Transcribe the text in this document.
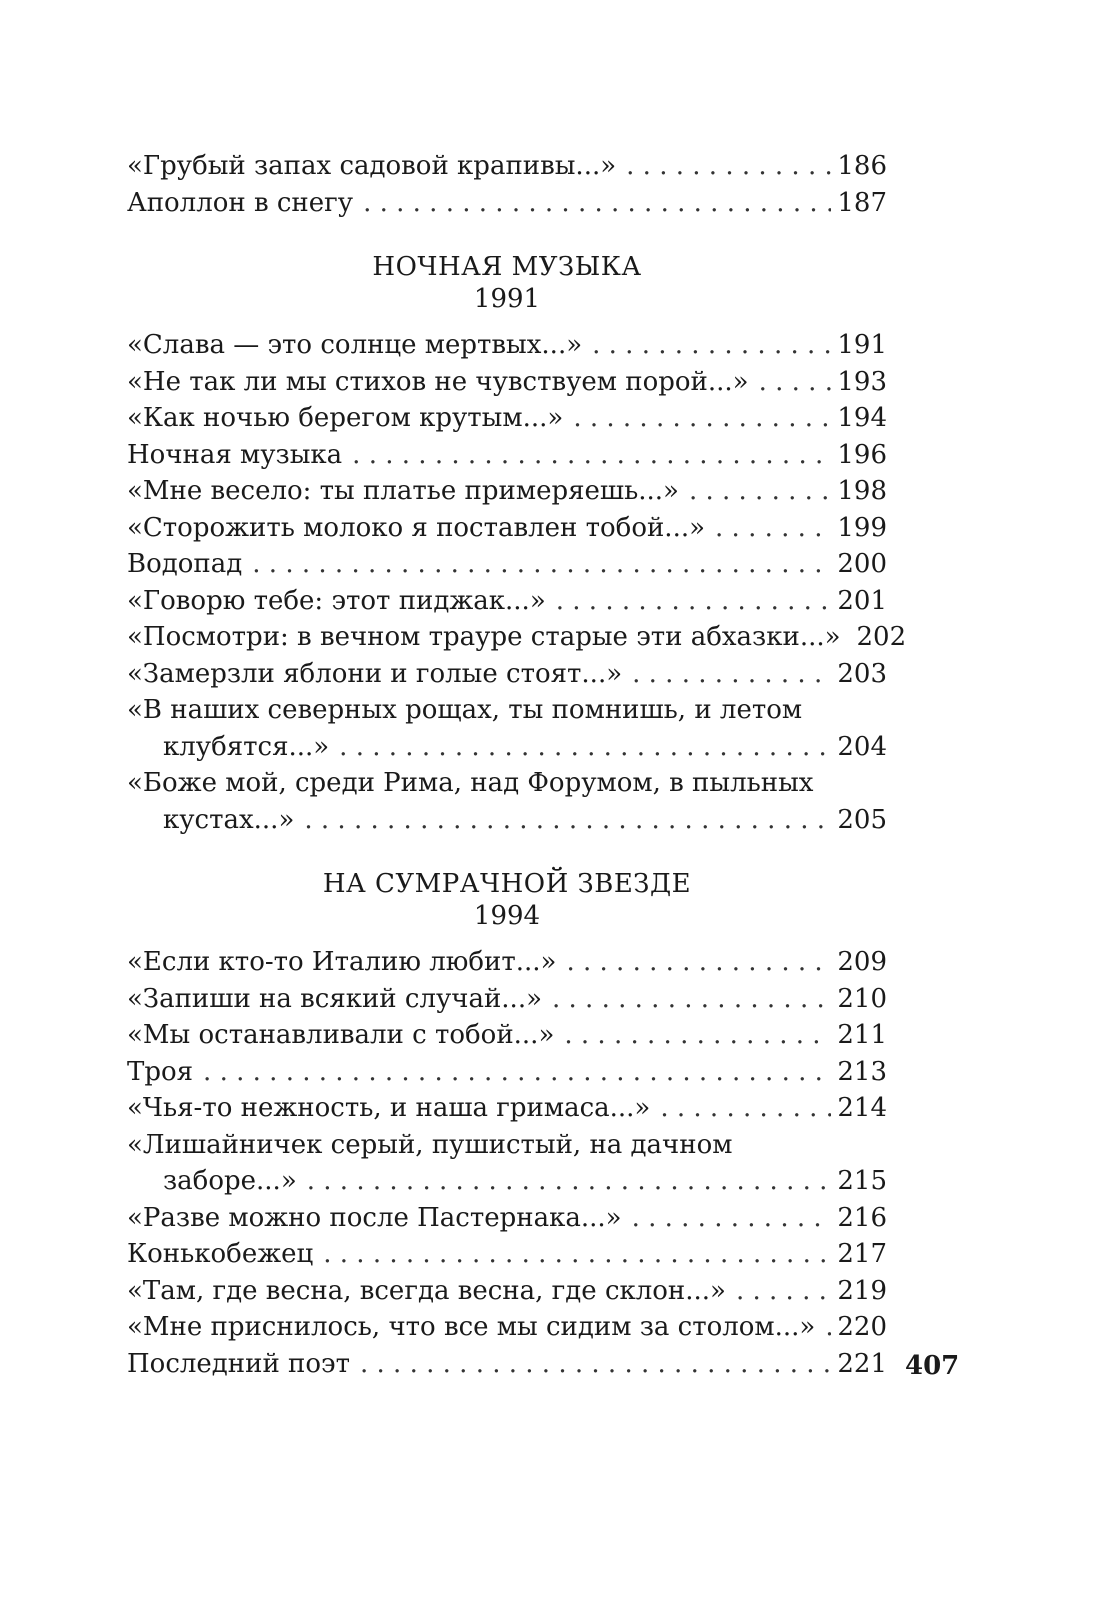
«Грубый запах садовой крапивы...» . . .	186
Аполлон в снегу . . .	187
НОЧНАЯ МУЗЫКА
1991
«Слава — это солнце мертвых...» . . .	191
«Не так ли мы стихов не чувствуем порой...» . . .	193
«Как ночью берегом крутым...» . . .	194
Ночная музыка . . .	196
«Мне весело: ты платье примеряешь...» . . .	198
«Сторожить молоко я поставлен тобой...» . . .	199
Водопад . . .	200
«Говорю тебе: этот пиджак...» . . .	201
«Посмотри: в вечном трауре старые эти абхазки...» 202
«Замерзли яблони и голые стоят...» . . .	203
«В наших северных рощах, ты помнишь, и летом
клубятся...» . . .	204
«Боже мой, среди Рима, над Форумом, в пыльных
кустах...» . . .	205
НА СУМРАЧНОЙ ЗВЕЗДЕ
1994
«Если кто-то Италию любит...» . . .	209
«Запиши на всякий случай...» . . .	210
«Мы останавливали с тобой...» . . .	211
Троя . . .	213
«Чья-то нежность, и наша гримаса...» . . .	214
«Лишайничек серый, пушистый, на дачном
заборе...» . . .	215
«Разве можно после Пастернака...» . . .	216
Конькобежец . . .	217
«Там, где весна, всегда весна, где склон...» . . .	219
«Мне приснилось, что все мы сидим за столом...» . . . 220
Последний поэт . . .	221 407
